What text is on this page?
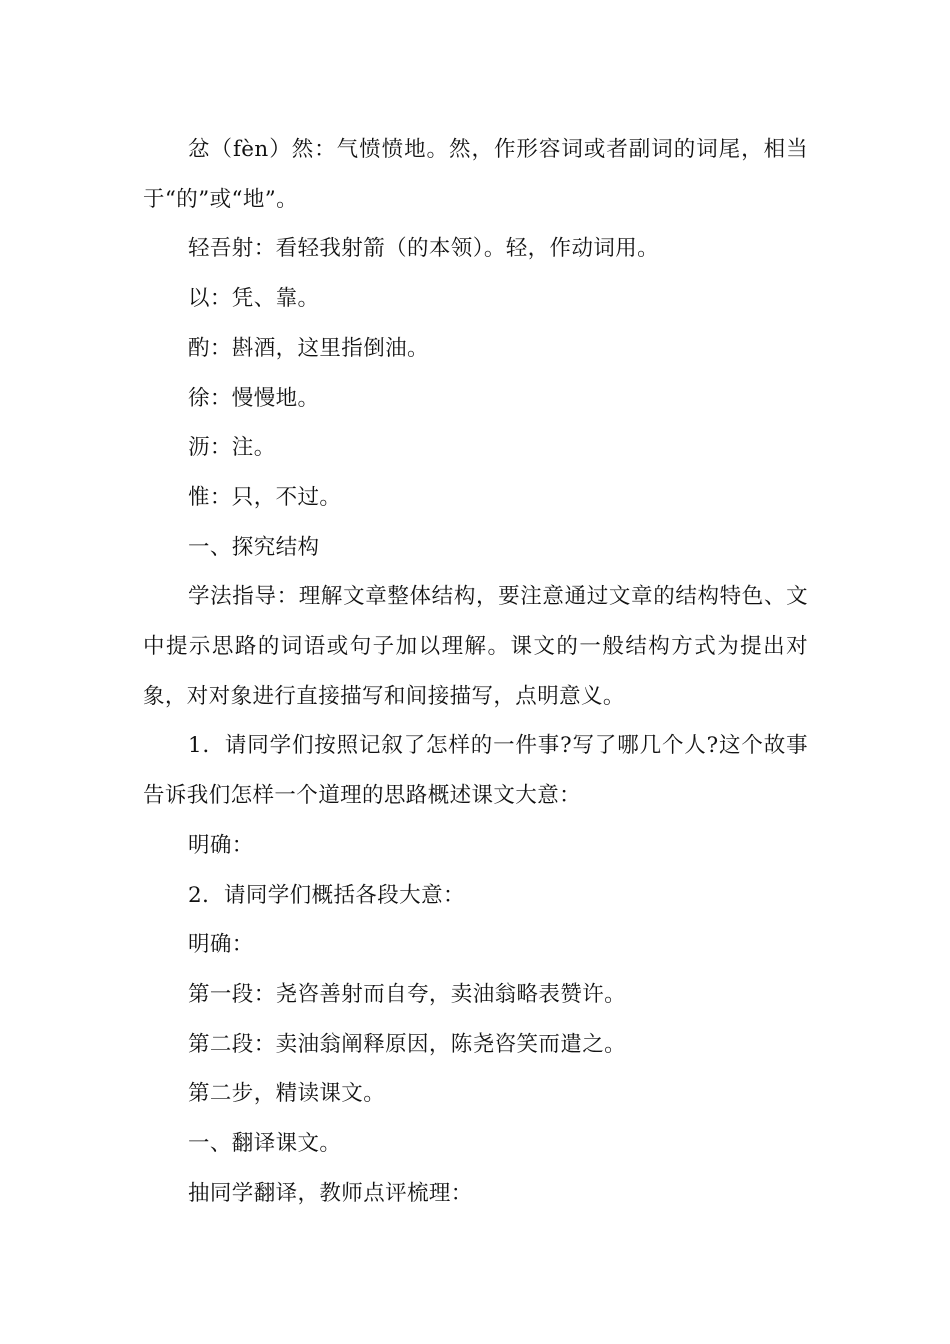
忿（fèn）然：气愤愤地。然，作形容词或者副词的词尾，相当于“的”或“地”。

轻吾射：看轻我射箭（的本领）。轻，作动词用。

以：凭、靠。

酌：斟酒，这里指倒油。

徐：慢慢地。

沥：注。

惟：只，不过。

一、探究结构

学法指导：理解文章整体结构，要注意通过文章的结构特色、文中提示思路的词语或句子加以理解。课文的一般结构方式为提出对象，对对象进行直接描写和间接描写，点明意义。

1．请同学们按照记叙了怎样的一件事?写了哪几个人?这个故事告诉我们怎样一个道理的思路概述课文大意：

明确：

2．请同学们概括各段大意：

明确：

第一段：尧咨善射而自夸，卖油翁略表赞许。

第二段：卖油翁阐释原因，陈尧咨笑而遣之。

第二步，精读课文。

一、翻译课文。

抽同学翻译，教师点评梳理：
